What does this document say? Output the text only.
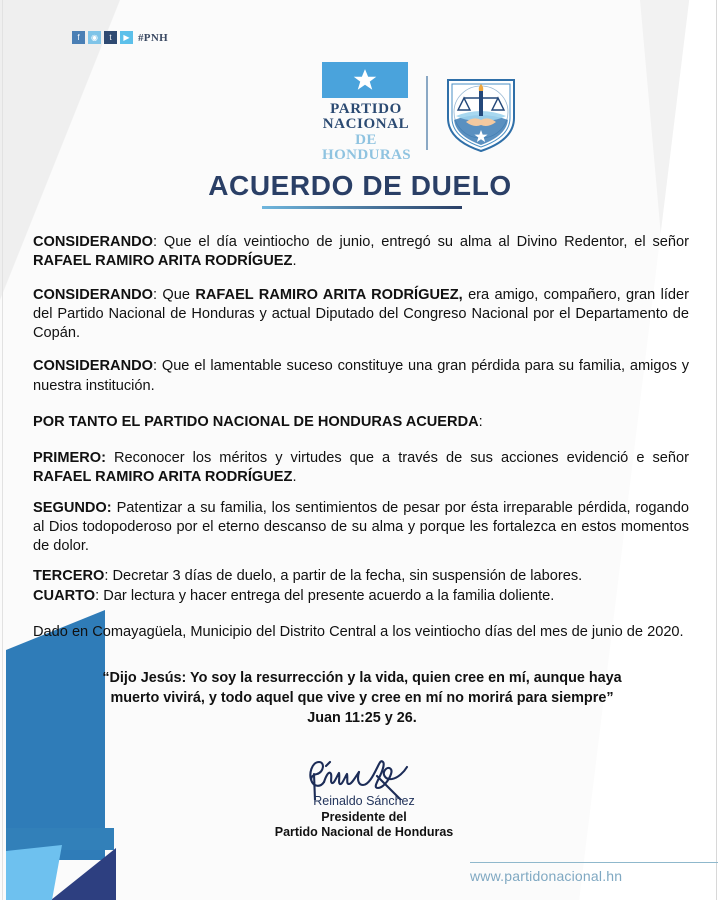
f	◉	t	▶ #PNH
PARTIDO
NACIONAL
DE HONDURAS
ACUERDO DE DUELO

CONSIDERANDO: Que el día veintiocho de junio, entregó su alma al Divino Redentor, el señor RAFAEL RAMIRO ARITA RODRÍGUEZ.

CONSIDERANDO: Que RAFAEL RAMIRO ARITA RODRÍGUEZ, era amigo, compañero, gran líder del Partido Nacional de Honduras y actual Diputado del Congreso Nacional por el Departamento de Copán.

CONSIDERANDO: Que el lamentable suceso constituye una gran pérdida para su familia, amigos y nuestra institución.

POR TANTO EL PARTIDO NACIONAL DE HONDURAS ACUERDA:

PRIMERO: Reconocer los méritos y virtudes que a través de sus acciones evidenció e señor RAFAEL RAMIRO ARITA RODRÍGUEZ.

SEGUNDO: Patentizar a su familia, los sentimientos de pesar por ésta irreparable pérdida, rogando al Dios todopoderoso por el eterno descanso de su alma y porque les fortalezca en estos momentos de dolor.

TERCERO: Decretar 3 días de duelo, a partir de la fecha, sin suspensión de labores.

CUARTO: Dar lectura y hacer entrega del presente acuerdo a la familia doliente.

Dado en Comayagüela, Municipio del Distrito Central a los veintiocho días del mes de junio de 2020.

“Dijo Jesús: Yo soy la resurrección y la vida, quien cree en mí, aunque haya
muerto vivirá, y todo aquel que vive y cree en mí no morirá para siempre”
Juan 11:25 y 26.
Reinaldo Sánchez
Presidente del
Partido Nacional de Honduras
www.partidonacional.hn
